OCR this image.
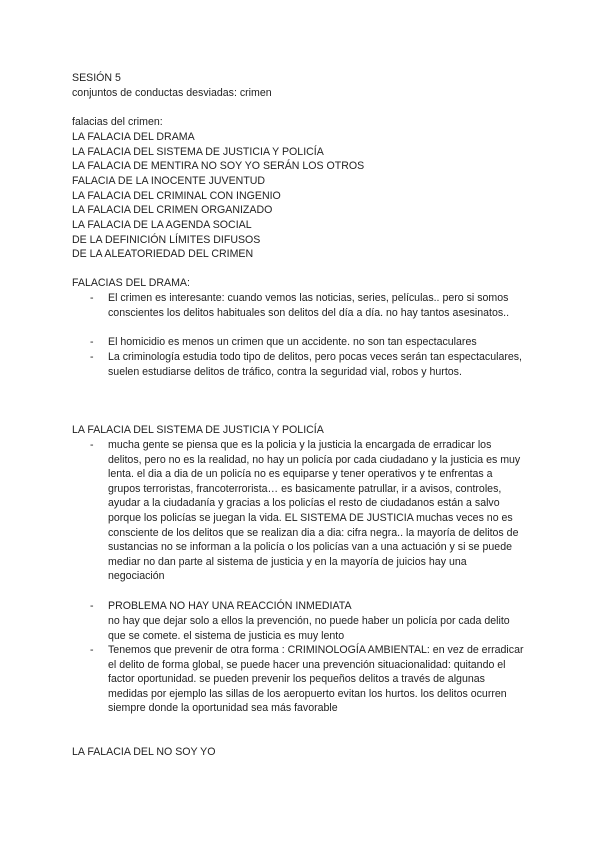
SESIÓN 5
conjuntos de conductas desviadas: crimen
falacias del crimen:
LA FALACIA DEL DRAMA
LA FALACIA DEL SISTEMA DE JUSTICIA Y POLICÍA
LA FALACIA DE MENTIRA NO SOY YO SERÁN LOS OTROS
FALACIA DE LA INOCENTE JUVENTUD
LA FALACIA DEL CRIMINAL CON INGENIO
LA FALACIA DEL CRIMEN ORGANIZADO
LA FALACIA DE LA AGENDA SOCIAL
DE LA DEFINICIÓN LÍMITES DIFUSOS
DE LA ALEATORIEDAD DEL CRIMEN
FALACIAS DEL DRAMA:
-	El crimen es interesante: cuando vemos las noticias, series, películas.. pero si somos conscientes los delitos habituales son delitos del día a día. no hay tantos asesinatos..
-	El homicidio es menos un crimen que un accidente. no son tan espectaculares
-	La criminología estudia todo tipo de delitos, pero pocas veces serán tan espectaculares, suelen estudiarse delitos de tráfico, contra la seguridad vial, robos y hurtos.
LA FALACIA DEL SISTEMA DE JUSTICIA Y POLICÍA
-	mucha gente se piensa que es la policia y la justicia la encargada de erradicar los delitos, pero no es la realidad, no hay un policía por cada ciudadano y la justicia es muy lenta. el dia a dia de un policía no es equiparse y tener operativos y te enfrentas a grupos terroristas, francoterrorista… es basicamente patrullar, ir a avisos, controles, ayudar a la ciudadanía y gracias a los policías el resto de ciudadanos están a salvo porque los policías se juegan la vida. EL SISTEMA DE JUSTICIA muchas veces no es consciente de los delitos que se realizan dia a dia: cifra negra.. la mayoría de delitos de sustancias no se informan a la policía o los policías van a una actuación y si se puede mediar no dan parte al sistema de justicia y en la mayoría de juicios hay una negociación
-	PROBLEMA NO HAY UNA REACCIÓN INMEDIATA
no hay que dejar solo a ellos la prevención, no puede haber un policía por cada delito que se comete. el sistema de justicia es muy lento
-	Tenemos que prevenir de otra forma : CRIMINOLOGÍA AMBIENTAL: en vez de erradicar el delito de forma global, se puede hacer una prevención situacionalidad: quitando el factor oportunidad. se pueden prevenir los pequeños delitos a través de algunas medidas por ejemplo las sillas de los aeropuerto evitan los hurtos. los delitos ocurren siempre donde la oportunidad sea más favorable
LA FALACIA DEL NO SOY YO
